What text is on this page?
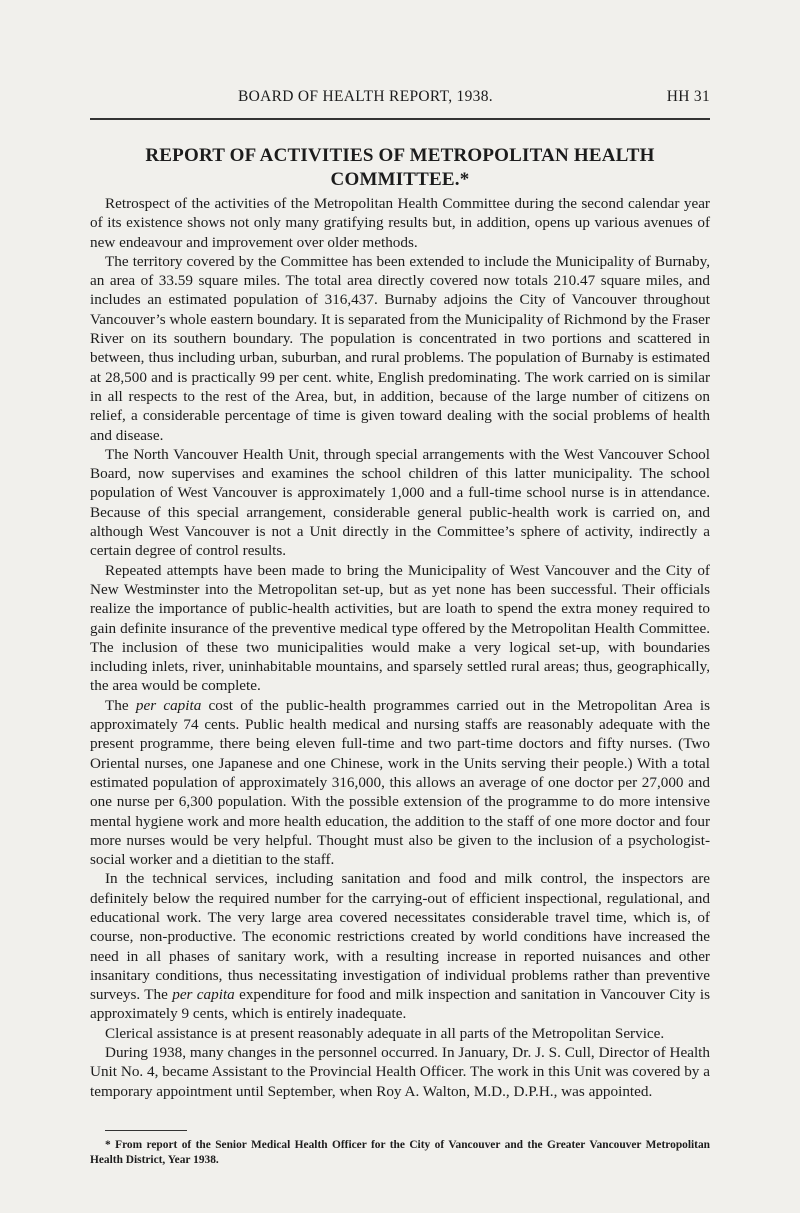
BOARD OF HEALTH REPORT, 1938.	HH 31
REPORT OF ACTIVITIES OF METROPOLITAN HEALTH COMMITTEE.*

Retrospect of the activities of the Metropolitan Health Committee during the second calendar year of its existence shows not only many gratifying results but, in addition, opens up various avenues of new endeavour and improvement over older methods.

The territory covered by the Committee has been extended to include the Municipality of Burnaby, an area of 33.59 square miles. The total area directly covered now totals 210.47 square miles, and includes an estimated population of 316,437. Burnaby adjoins the City of Vancouver throughout Vancouver’s whole eastern boundary. It is separated from the Municipality of Richmond by the Fraser River on its southern boundary. The population is concentrated in two portions and scattered in between, thus including urban, suburban, and rural problems. The population of Burnaby is estimated at 28,500 and is practically 99 per cent. white, English predominating. The work carried on is similar in all respects to the rest of the Area, but, in addition, because of the large number of citizens on relief, a considerable percentage of time is given toward dealing with the social problems of health and disease.

The North Vancouver Health Unit, through special arrangements with the West Vancouver School Board, now supervises and examines the school children of this latter municipality. The school population of West Vancouver is approximately 1,000 and a full-time school nurse is in attendance. Because of this special arrangement, considerable general public-health work is carried on, and although West Vancouver is not a Unit directly in the Committee’s sphere of activity, indirectly a certain degree of control results.

Repeated attempts have been made to bring the Municipality of West Vancouver and the City of New Westminster into the Metropolitan set-up, but as yet none has been successful. Their officials realize the importance of public-health activities, but are loath to spend the extra money required to gain definite insurance of the preventive medical type offered by the Metropolitan Health Committee. The inclusion of these two municipalities would make a very logical set-up, with boundaries including inlets, river, uninhabitable mountains, and sparsely settled rural areas; thus, geographically, the area would be complete.

The per capita cost of the public-health programmes carried out in the Metropolitan Area is approximately 74 cents. Public health medical and nursing staffs are reasonably adequate with the present programme, there being eleven full-time and two part-time doctors and fifty nurses. (Two Oriental nurses, one Japanese and one Chinese, work in the Units serving their people.) With a total estimated population of approximately 316,000, this allows an average of one doctor per 27,000 and one nurse per 6,300 population. With the possible extension of the programme to do more intensive mental hygiene work and more health education, the addition to the staff of one more doctor and four more nurses would be very helpful. Thought must also be given to the inclusion of a psychologist-social worker and a dietitian to the staff.

In the technical services, including sanitation and food and milk control, the inspectors are definitely below the required number for the carrying-out of efficient inspectional, regulational, and educational work. The very large area covered necessitates considerable travel time, which is, of course, non-productive. The economic restrictions created by world conditions have increased the need in all phases of sanitary work, with a resulting increase in reported nuisances and other insanitary conditions, thus necessitating investigation of individual problems rather than preventive surveys. The per capita expenditure for food and milk inspection and sanitation in Vancouver City is approximately 9 cents, which is entirely inadequate.

Clerical assistance is at present reasonably adequate in all parts of the Metropolitan Service.

During 1938, many changes in the personnel occurred. In January, Dr. J. S. Cull, Director of Health Unit No. 4, became Assistant to the Provincial Health Officer. The work in this Unit was covered by a temporary appointment until September, when Roy A. Walton, M.D., D.P.H., was appointed.

* From report of the Senior Medical Health Officer for the City of Vancouver and the Greater Vancouver Metropolitan Health District, Year 1938.
